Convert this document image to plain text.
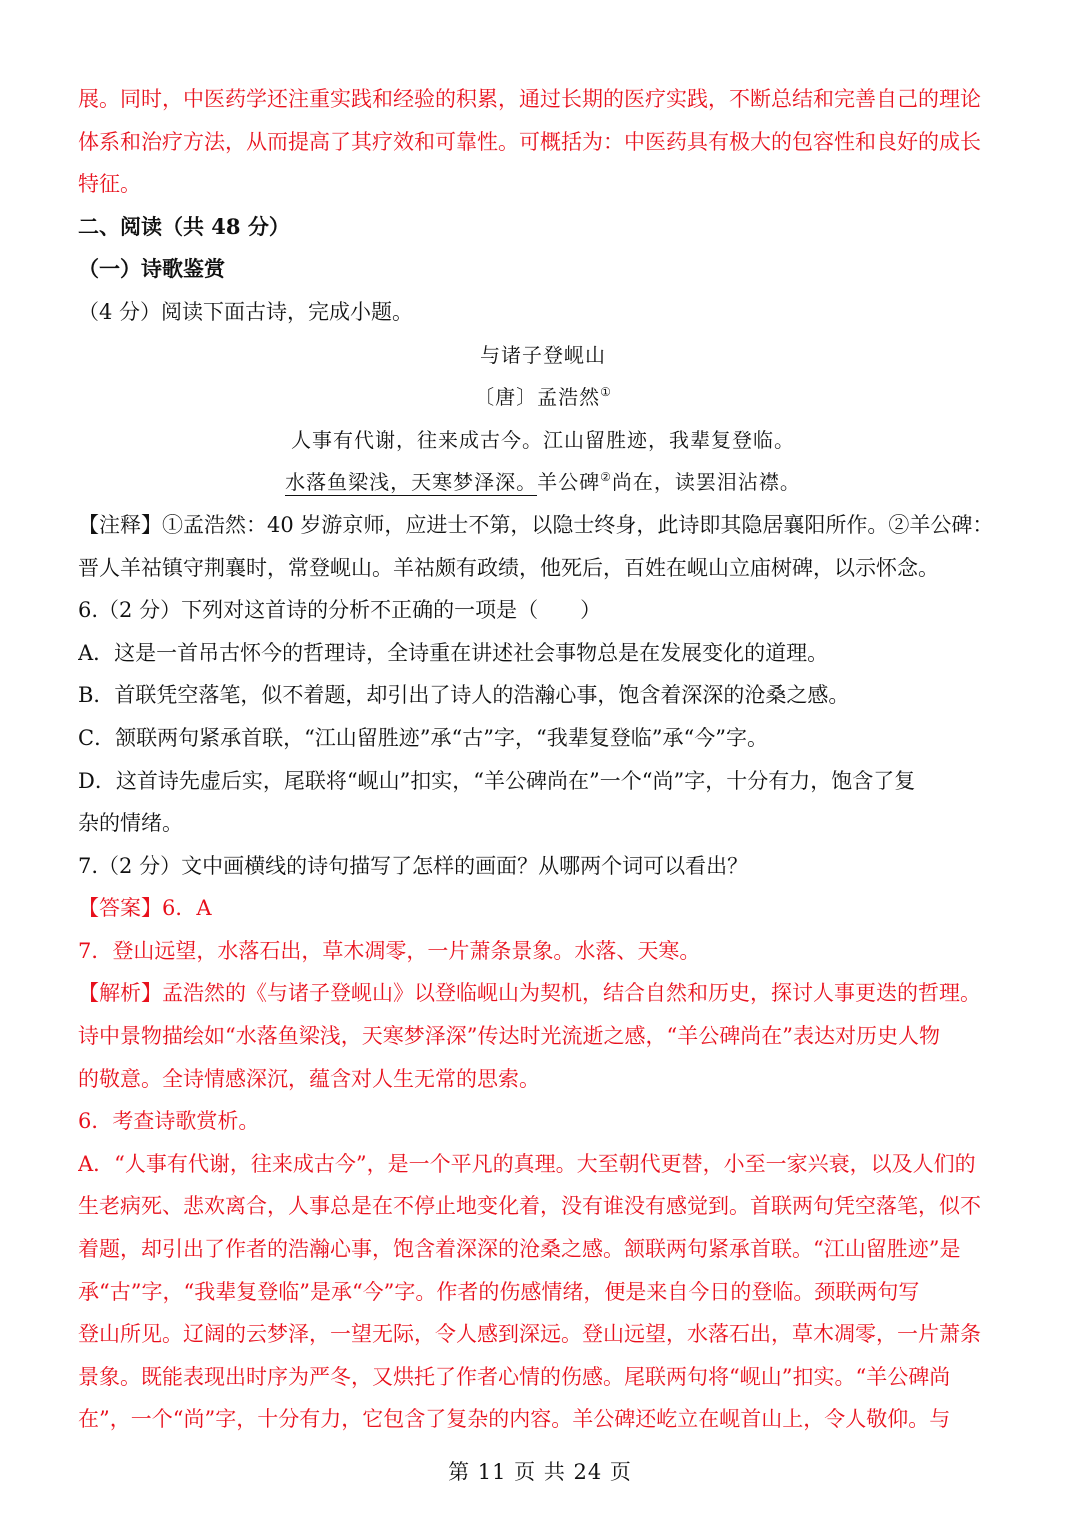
展。同时，中医药学还注重实践和经验的积累，通过长期的医疗实践，不断总结和完善自己的理论
体系和治疗方法，从而提高了其疗效和可靠性。可概括为：中医药具有极大的包容性和良好的成长
特征。
二、阅读（共 48 分）
（一）诗歌鉴赏
（4 分）阅读下面古诗，完成小题。
与诸子登岘山
〔唐〕孟浩然①
人事有代谢，往来成古今。江山留胜迹，我辈复登临。
水落鱼梁浅，天寒梦泽深。羊公碑②尚在，读罢泪沾襟。
【注释】①孟浩然：40 岁游京师，应进士不第，以隐士终身，此诗即其隐居襄阳所作。②羊公碑：
晋人羊祜镇守荆襄时，常登岘山。羊祜颇有政绩，他死后，百姓在岘山立庙树碑，以示怀念。
6.（2 分）下列对这首诗的分析不正确的一项是（　　）
A．这是一首吊古怀今的哲理诗，全诗重在讲述社会事物总是在发展变化的道理。
B．首联凭空落笔，似不着题，却引出了诗人的浩瀚心事，饱含着深深的沧桑之感。
C．颔联两句紧承首联，“江山留胜迹”承“古”字，“我辈复登临”承“今”字。
D．这首诗先虚后实，尾联将“岘山”扣实，“羊公碑尚在”一个“尚”字，十分有力，饱含了复
杂的情绪。
7.（2 分）文中画横线的诗句描写了怎样的画面？从哪两个词可以看出？
【答案】6．A
7．登山远望，水落石出，草木凋零，一片萧条景象。水落、天寒。
【解析】孟浩然的《与诸子登岘山》以登临岘山为契机，结合自然和历史，探讨人事更迭的哲理。
诗中景物描绘如“水落鱼梁浅，天寒梦泽深”传达时光流逝之感，“羊公碑尚在”表达对历史人物
的敬意。全诗情感深沉，蕴含对人生无常的思索。
6．考查诗歌赏析。
A．“人事有代谢，往来成古今”，是一个平凡的真理。大至朝代更替，小至一家兴衰，以及人们的
生老病死、悲欢离合，人事总是在不停止地变化着，没有谁没有感觉到。首联两句凭空落笔，似不
着题，却引出了作者的浩瀚心事，饱含着深深的沧桑之感。颔联两句紧承首联。“江山留胜迹”是
承“古”字，“我辈复登临”是承“今”字。作者的伤感情绪，便是来自今日的登临。颈联两句写
登山所见。辽阔的云梦泽，一望无际，令人感到深远。登山远望，水落石出，草木凋零，一片萧条
景象。既能表现出时序为严冬，又烘托了作者心情的伤感。尾联两句将“岘山”扣实。“羊公碑尚
在”，一个“尚”字，十分有力，它包含了复杂的内容。羊公碑还屹立在岘首山上，令人敬仰。与
第 11 页 共 24 页
